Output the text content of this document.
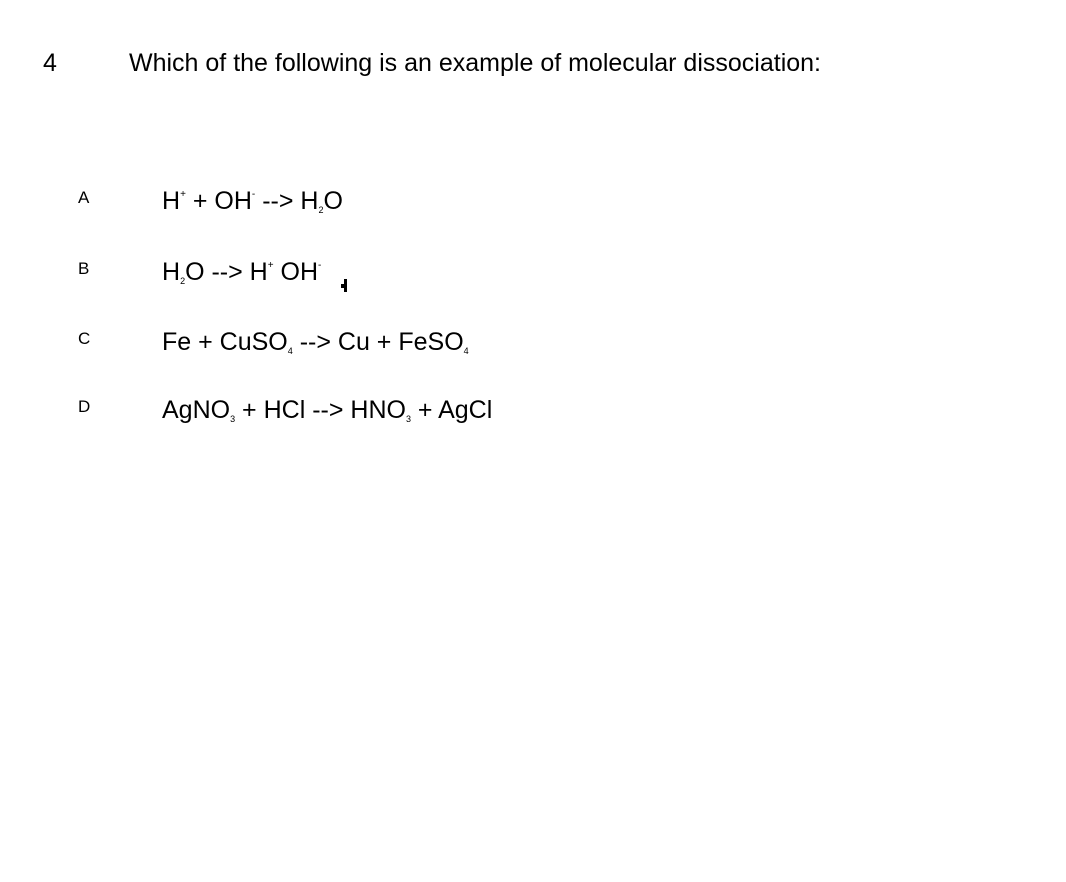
4	Which of the following is an example of molecular dissociation:
A	H+ + OH- --> $H_2O$
B	$H_2O$ --> H+ OH-
C	Fe + CuSO$_4$ --> Cu + FeSO$_4$
D	AgNO$_3$ + HCl --> $HNO_3$ + AgCl
